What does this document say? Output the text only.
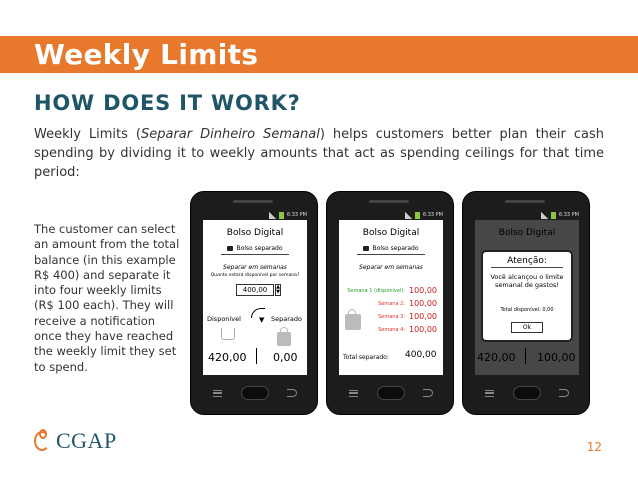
Weekly Limits
HOW DOES IT WORK?
Weekly Limits (Separar Dinheiro Semanal) helps customers better plan their cash spending by dividing it to weekly amounts that act as spending ceilings for that time period:
The customer can select an amount from the total balance (in this example R$ 400) and separate it into four weekly limits (R$ 100 each). They will receive a notification once they have reached the weekly limit they set to spend.
6:33 PM
Bolso Digital
Bolso separado
Separar em semanas
Quanto estará disponível por semana?
400,00	▲
▼
Disponível	Separado
▼
420,00 0,00
6:33 PM
Bolso Digital
Bolso separado
Separar em semanas
Semana 1 (disponível): 100,00
Semana 2: 100,00
Semana 3: 100,00
Semana 4: 100,00
Total separado: 400,00
6:33 PM
Atenção:
Você alcançou o limite semanal de gastos!
Total disponível: 0,00
Ok
CGAP	12
